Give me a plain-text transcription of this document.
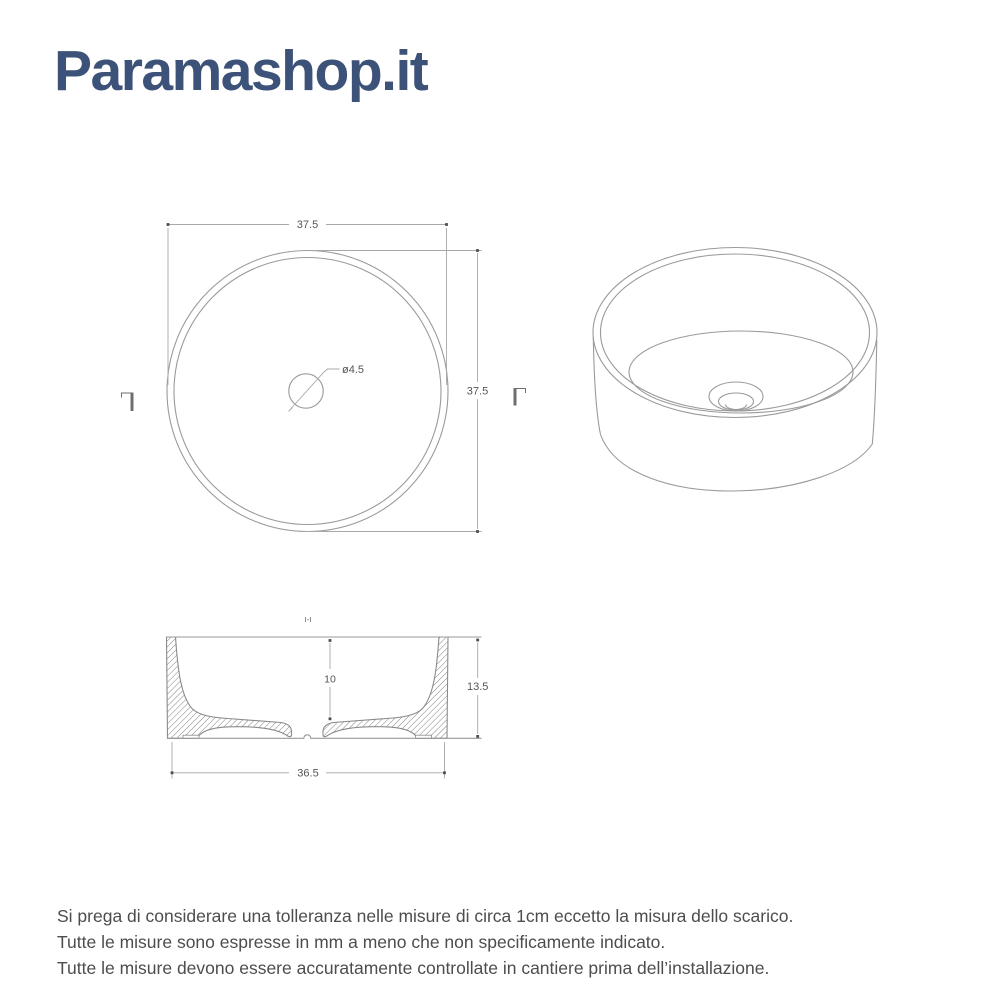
Paramashop.it
ø4.5
37.5
37.5
I-I
10
13.5
36.5

Si prega di considerare una tolleranza nelle misure di circa 1cm eccetto la misura dello scarico.

Tutte le misure sono espresse in mm a meno che non specificamente indicato.

Tutte le misure devono essere accuratamente controllate in cantiere prima dell’installazione.
